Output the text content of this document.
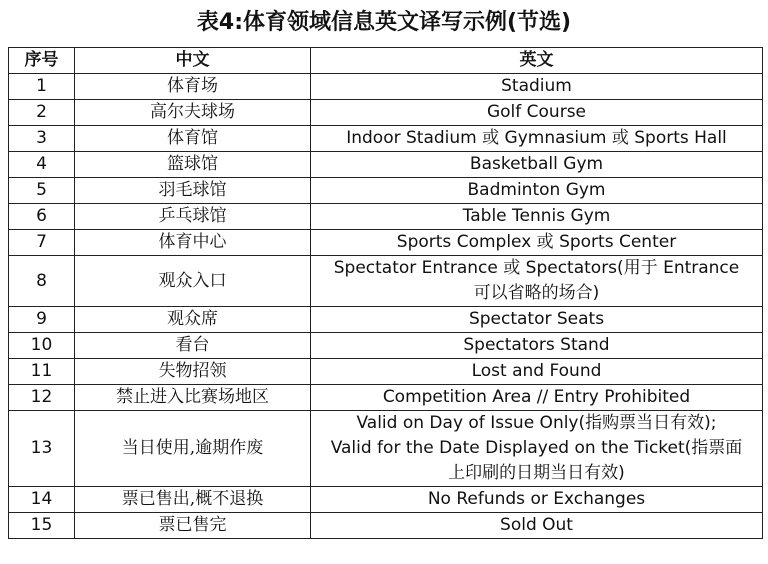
表4:体育领域信息英文译写示例(节选)
序号	中文	英文
1	体育场	Stadium

2	高尔夫球场	Golf Course

3	体育馆	Indoor Stadium 或 Gymnasium 或 Sports Hall

4	篮球馆	Basketball Gym

5	羽毛球馆	Badminton Gym

6	乒乓球馆	Table Tennis Gym

7	体育中心	Sports Complex 或 Sports Center

8	观众入口	Spectator Entrance 或 Spectators(用于 Entrance
可以省略的场合)

9	观众席	Spectator Seats

10	看台	Spectators Stand

11	失物招领	Lost and Found

12	禁止进入比赛场地区	Competition Area // Entry Prohibited

13	当日使用,逾期作废	Valid on Day of Issue Only(指购票当日有效);
Valid for the Date Displayed on the Ticket(指票面
上印刷的日期当日有效)

14	票已售出,概不退换	No Refunds or Exchanges

15	票已售完	Sold Out
